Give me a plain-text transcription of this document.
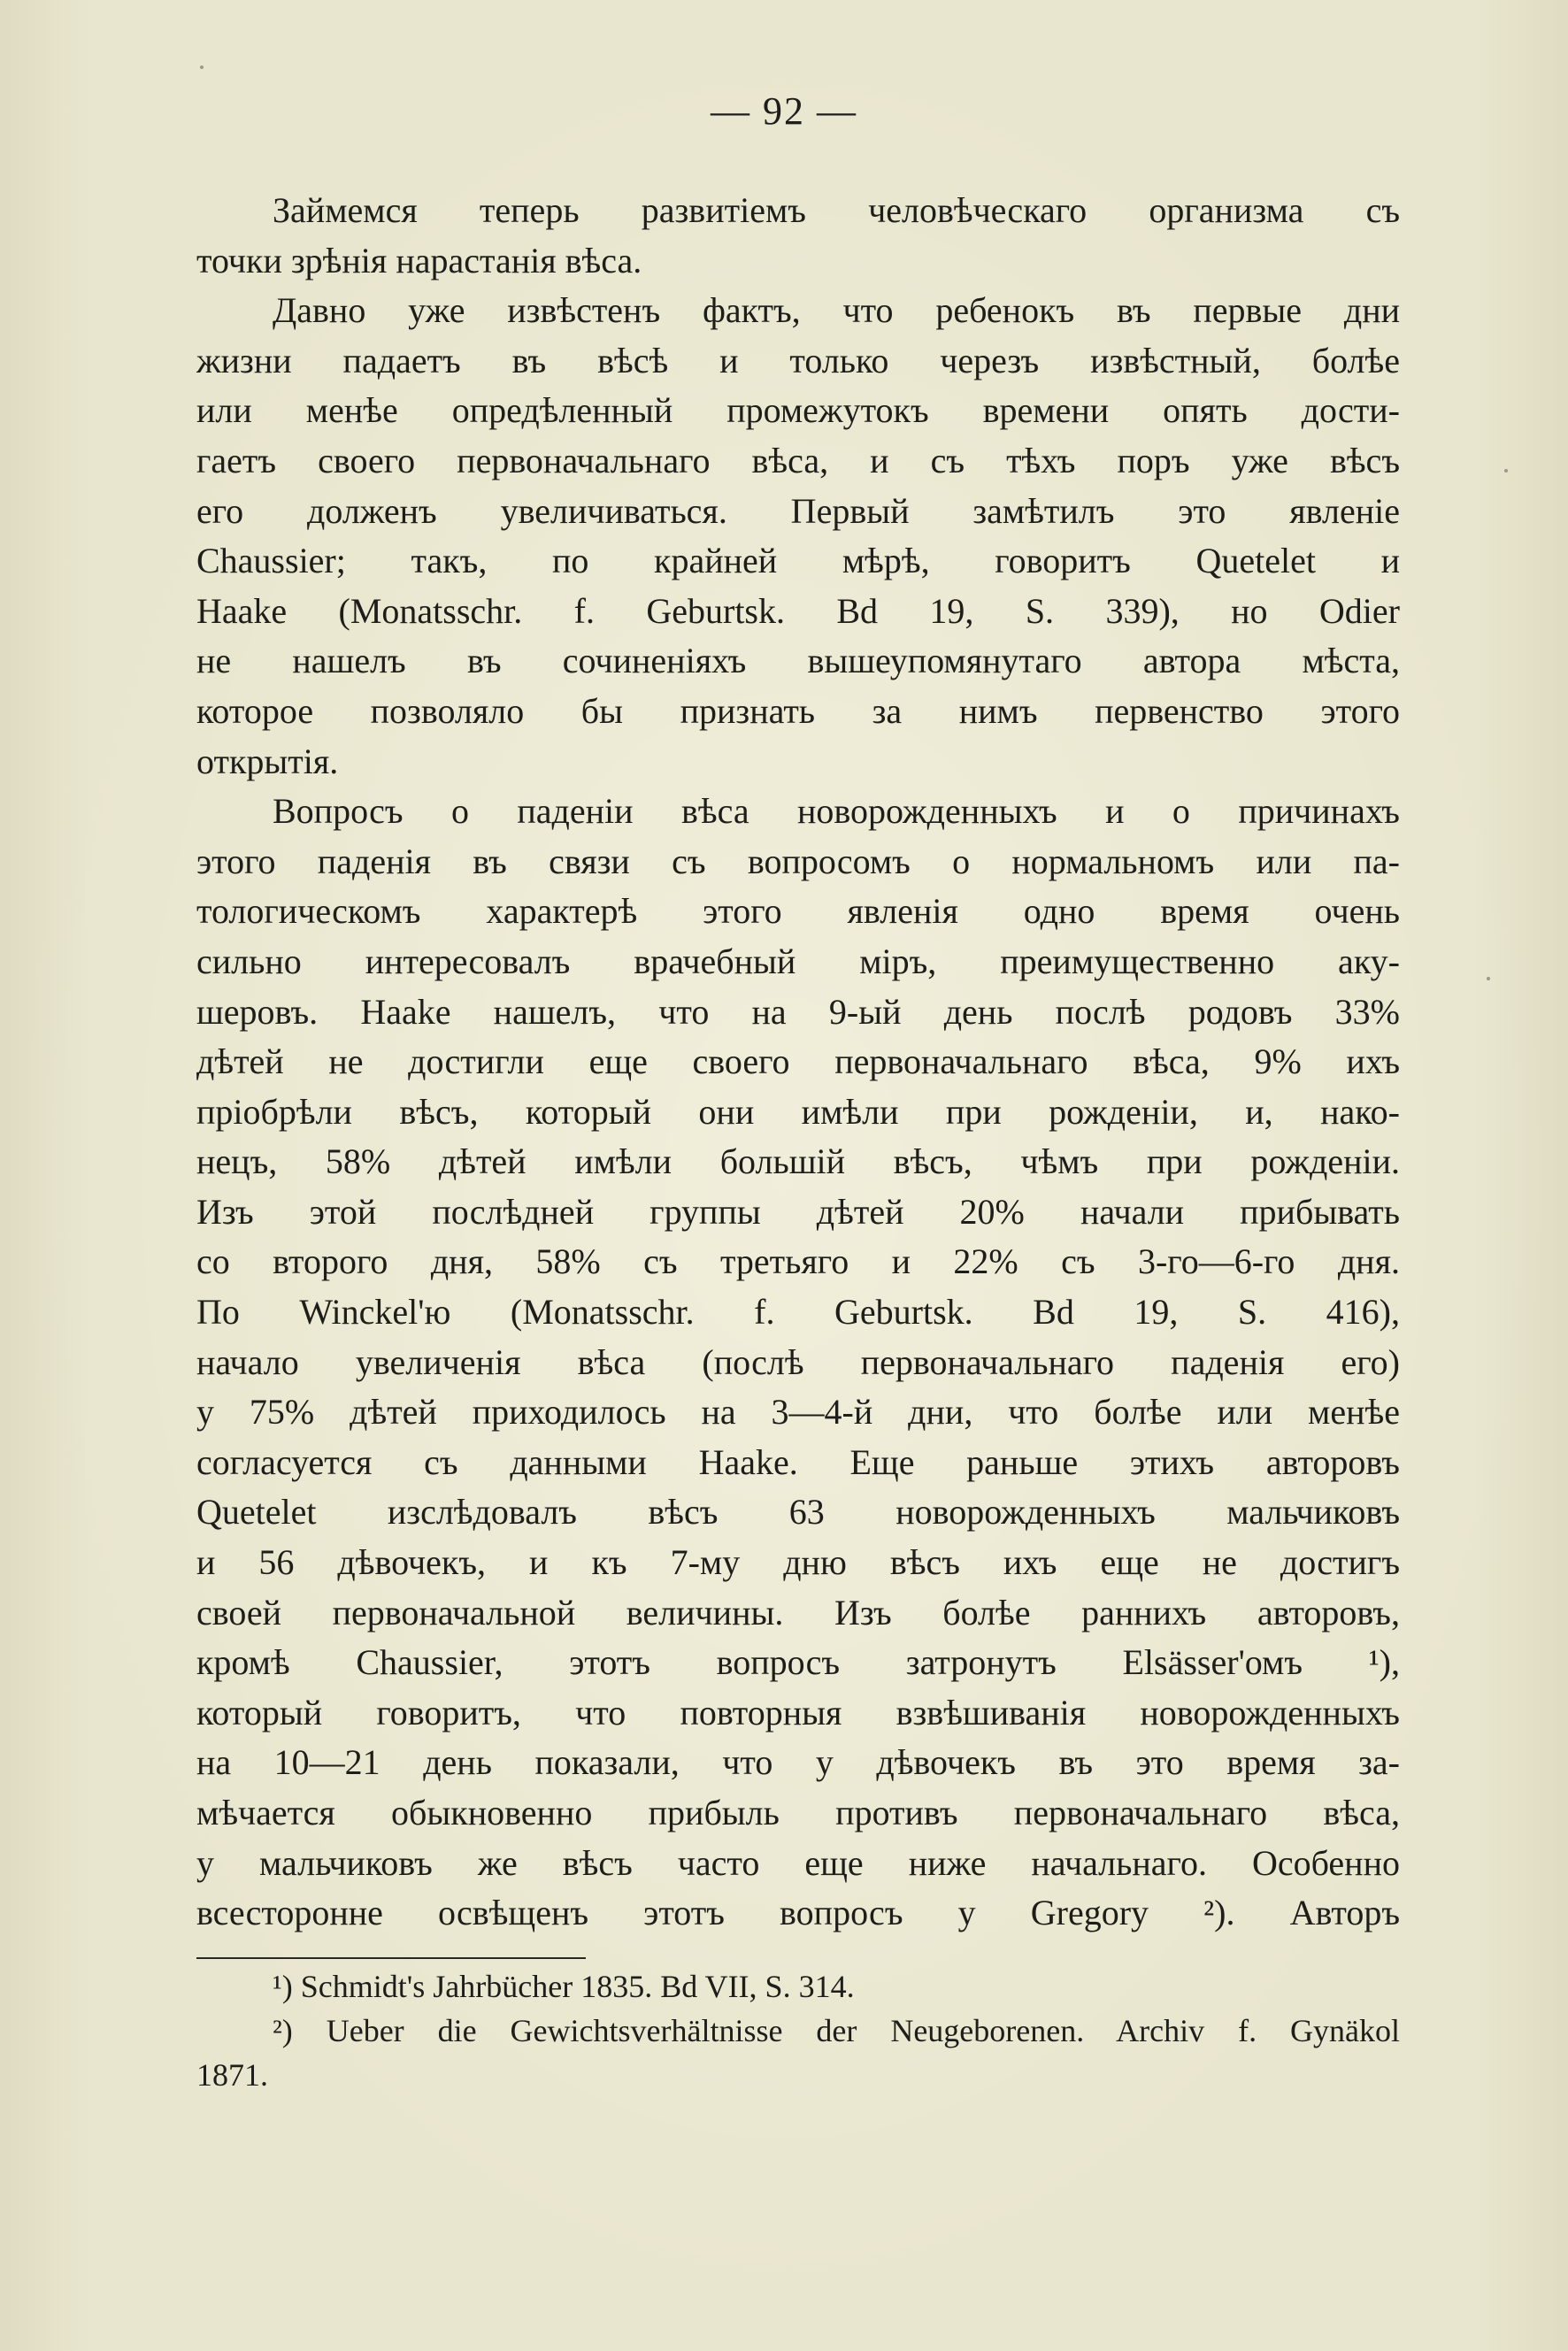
— 92 —
Займемся теперь развитіемъ человѣческаго организма съ
точки зрѣнія нарастанія вѣса.
Давно уже извѣстенъ фактъ, что ребенокъ въ первые дни
жизни падаетъ въ вѣсѣ и только черезъ извѣстный, болѣе
или менѣе опредѣленный промежутокъ времени опять дости-
гаетъ своего первоначальнаго вѣса, и съ тѣхъ поръ уже вѣсъ
его долженъ увеличиваться. Первый замѣтилъ это явленіе
Chaussier; такъ, по крайней мѣрѣ, говоритъ Quetelet и
Haake (Monatsschr. f. Geburtsk. Bd 19, S. 339), но Odier
не нашелъ въ сочиненіяхъ вышеупомянутаго автора мѣста,
которое позволяло бы признать за нимъ первенство этого
открытія.
Вопросъ о паденіи вѣса новорожденныхъ и о причинахъ
этого паденія въ связи съ вопросомъ о нормальномъ или па-
тологическомъ характерѣ этого явленія одно время очень
сильно интересовалъ врачебный міръ, преимущественно аку-
шеровъ. Haake нашелъ, что на 9-ый день послѣ родовъ 33%
дѣтей не достигли еще своего первоначальнаго вѣса, 9% ихъ
пріобрѣли вѣсъ, который они имѣли при рожденіи, и, нако-
нецъ, 58% дѣтей имѣли большій вѣсъ, чѣмъ при рожденіи.
Изъ этой послѣдней группы дѣтей 20% начали прибывать
со второго дня, 58% съ третьяго и 22% съ 3-го—6-го дня.
По Winckel'ю (Monatsschr. f. Geburtsk. Bd 19, S. 416),
начало увеличенія вѣса (послѣ первоначальнаго паденія его)
у 75% дѣтей приходилось на 3—4-й дни, что болѣе или менѣе
согласуется съ данными Haake. Еще раньше этихъ авторовъ
Quetelet изслѣдовалъ вѣсъ 63 новорожденныхъ мальчиковъ
и 56 дѣвочекъ, и къ 7-му дню вѣсъ ихъ еще не достигъ
своей первоначальной величины. Изъ болѣе раннихъ авторовъ,
кромѣ Chaussier, этотъ вопросъ затронутъ Elsässer'омъ ¹),
который говоритъ, что повторныя взвѣшиванія новорожденныхъ
на 10—21 день показали, что у дѣвочекъ въ это время за-
мѣчается обыкновенно прибыль противъ первоначальнаго вѣса,
у мальчиковъ же вѣсъ часто еще ниже начальнаго. Особенно
всесторонне освѣщенъ этотъ вопросъ у Gregory ²). Авторъ
¹) Schmidt's Jahrbücher 1835. Bd VII, S. 314.
²) Ueber die Gewichtsverhältnisse der Neugeborenen. Archiv f. Gynäkol
1871.
